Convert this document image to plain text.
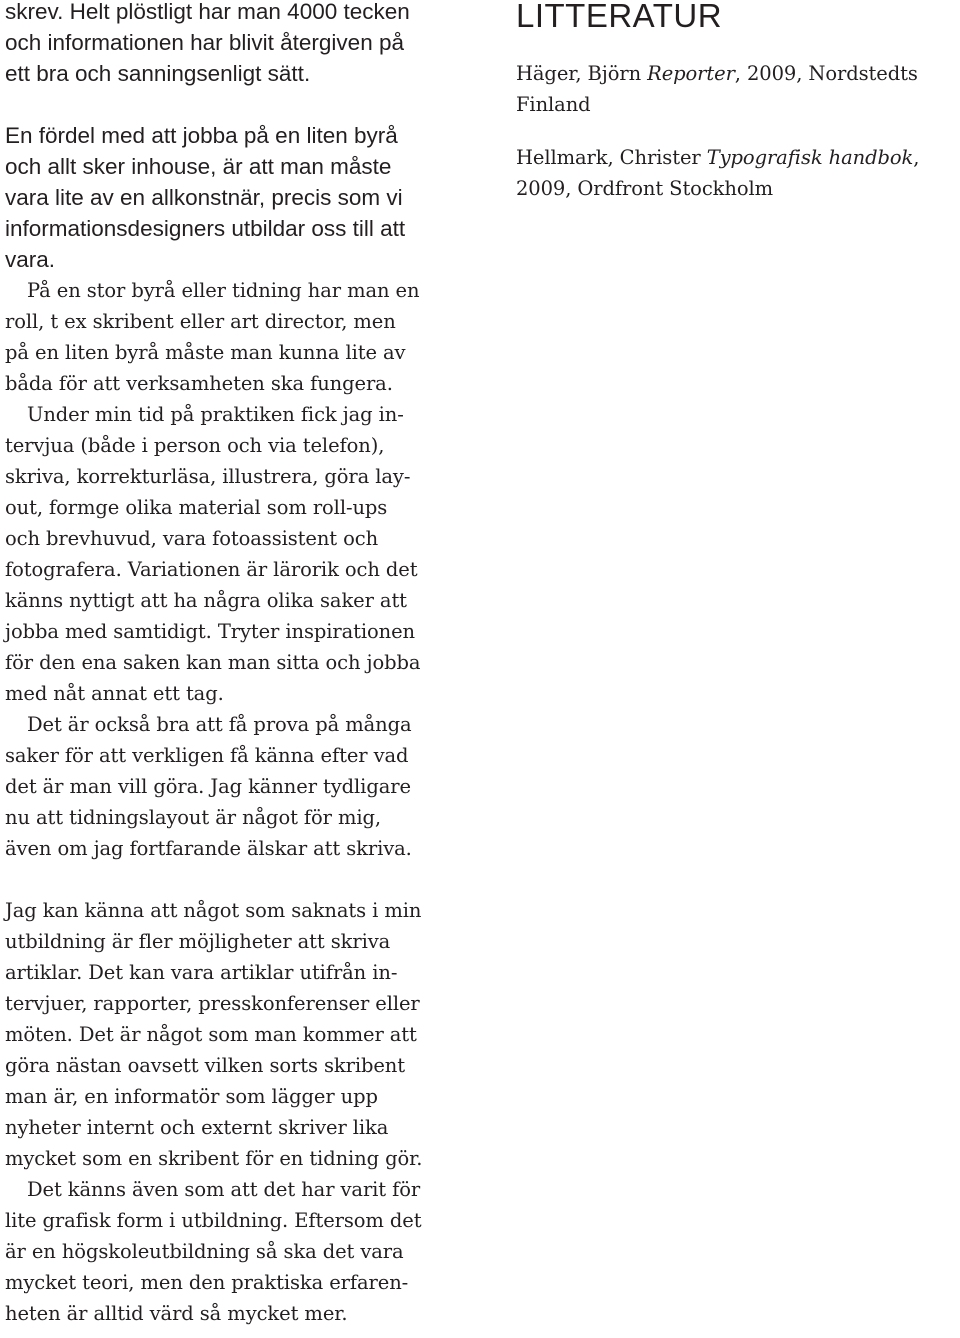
skrev. Helt plöstligt har man 4000 tecken
och informationen har blivit återgiven på
ett bra och sanningsenligt sätt.
En fördel med att jobba på en liten byrå
och allt sker inhouse, är att man måste
vara lite av en allkonstnär, precis som vi
informationsdesigners utbildar oss till att
vara.
På en stor byrå eller tidning har man en
roll, t ex skribent eller art director, men
på en liten byrå måste man kunna lite av
båda för att verksamheten ska fungera.
Under min tid på praktiken fick jag in-
tervjua (både i person och via telefon),
skriva, korrekturläsa, illustrera, göra lay-
out, formge olika material som roll-ups
och brevhuvud, vara fotoassistent och
fotografera. Variationen är lärorik och det
känns nyttigt att ha några olika saker att
jobba med samtidigt. Tryter inspirationen
för den ena saken kan man sitta och jobba
med nåt annat ett tag.
Det är också bra att få prova på många
saker för att verkligen få känna efter vad
det är man vill göra. Jag känner tydligare
nu att tidningslayout är något för mig,
även om jag fortfarande älskar att skriva.
Jag kan känna att något som saknats i min
utbildning är fler möjligheter att skriva
artiklar. Det kan vara artiklar utifrån in-
tervjuer, rapporter, presskonferenser eller
möten. Det är något som man kommer att
göra nästan oavsett vilken sorts skribent
man är, en informatör som lägger upp
nyheter internt och externt skriver lika
mycket som en skribent för en tidning gör.
Det känns även som att det har varit för
lite grafisk form i utbildning. Eftersom det
är en högskoleutbildning så ska det vara
mycket teori, men den praktiska erfaren-
heten är alltid värd så mycket mer.
LITTERATUR
Häger, Björn Reporter, 2009, Nordstedts
Finland
Hellmark, Christer Typografisk handbok,
2009, Ordfront Stockholm
